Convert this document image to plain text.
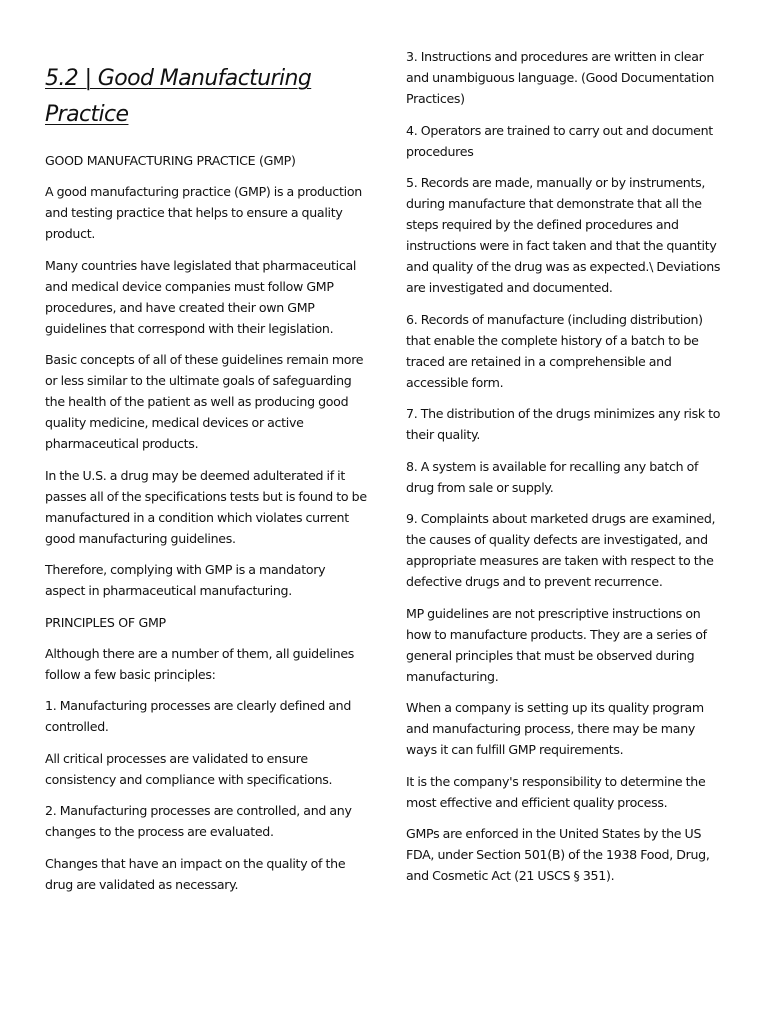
5.2 | Good Manufacturing Practice
GOOD MANUFACTURING PRACTICE (GMP)

A good manufacturing practice (GMP) is a production and testing practice that helps to ensure a quality product.

Many countries have legislated that pharmaceutical and medical device companies must follow GMP procedures, and have created their own GMP guidelines that correspond with their legislation.

Basic concepts of all of these guidelines remain more or less similar to the ultimate goals of safeguarding the health of the patient as well as producing good quality medicine, medical devices or active pharmaceutical products.

In the U.S. a drug may be deemed adulterated if it passes all of the specifications tests but is found to be manufactured in a condition which violates current good manufacturing guidelines.

Therefore, complying with GMP is a mandatory aspect in pharmaceutical manufacturing.

PRINCIPLES OF GMP

Although there are a number of them, all guidelines follow a few basic principles:

1. Manufacturing processes are clearly defined and controlled.

All critical processes are validated to ensure consistency and compliance with specifications.

2. Manufacturing processes are controlled, and any changes to the process are evaluated.

Changes that have an impact on the quality of the drug are validated as necessary.

3. Instructions and procedures are written in clear and unambiguous language. (Good Documentation Practices)

4. Operators are trained to carry out and document procedures

5. Records are made, manually or by instruments, during manufacture that demonstrate that all the steps required by the defined procedures and instructions were in fact taken and that the quantity and quality of the drug was as expected.\ Deviations are investigated and documented.

6. Records of manufacture (including distribution) that enable the complete history of a batch to be traced are retained in a comprehensible and accessible form.

7. The distribution of the drugs minimizes any risk to their quality.

8. A system is available for recalling any batch of drug from sale or supply.

9. Complaints about marketed drugs are examined, the causes of quality defects are investigated, and appropriate measures are taken with respect to the defective drugs and to prevent recurrence.

MP guidelines are not prescriptive instructions on how to manufacture products. They are a series of general principles that must be observed during manufacturing.

When a company is setting up its quality program and manufacturing process, there may be many ways it can fulfill GMP requirements.

It is the company's responsibility to determine the most effective and efficient quality process.

GMPs are enforced in the United States by the US FDA, under Section 501(B) of the 1938 Food, Drug, and Cosmetic Act (21 USCS § 351).
